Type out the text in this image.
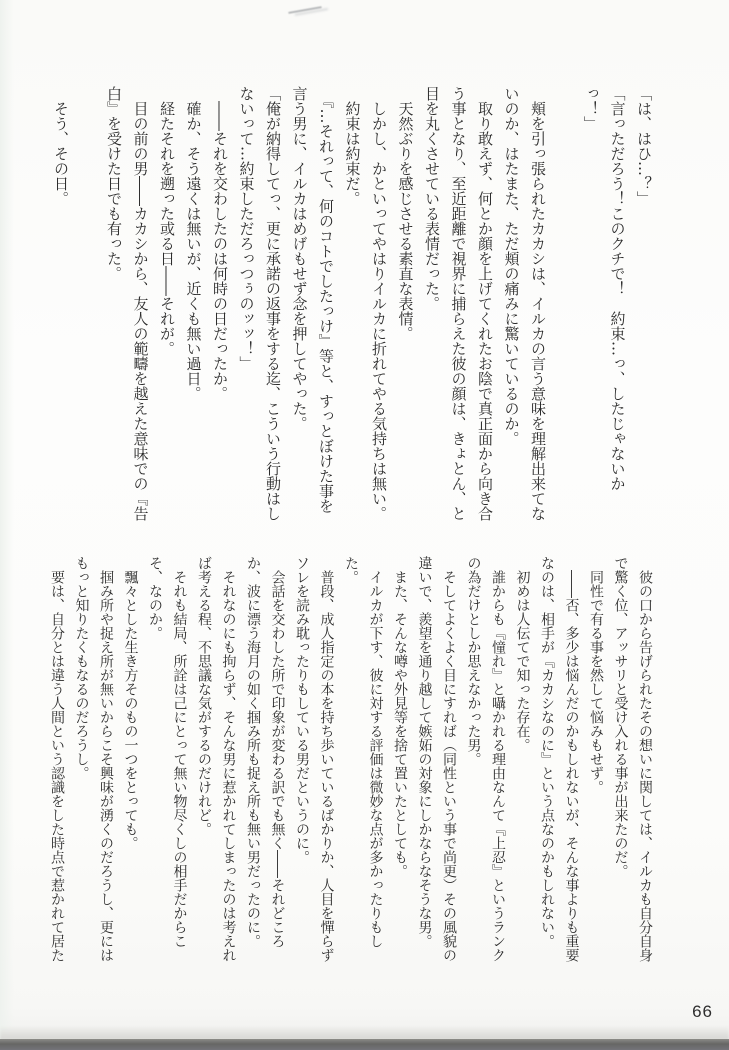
「は、はひ…？」

「言っただろう！このクチで！　約束…っ、したじゃないかっ！」

　頬を引っ張られたカカシは、イルカの言う意味を理解出来てないのか、はたまた、ただ頬の痛みに驚いているのか。

　取り敢えず、何とか顔を上げてくれたお陰で真正面から向き合う事となり、至近距離で視界に捕らえた彼の顔は、きょとん、と目を丸くさせている表情だった。

　天然ぶりを感じさせる素直な表情。

　しかし、かといってやはりイルカに折れてやる気持ちは無い。

　約束は約束だ。

　『…それって、何のコトでしたっけ』等と、すっとぼけた事を言う男に、イルカはめげもせず念を押してやった。

「俺が納得してっ、更に承諾の返事をする迄、こういう行動はしないって…約束しただろっつぅのッッ！」

　――それを交わしたのは何時の日だったか。

　確か、そう遠くは無いが、近くも無い過日。

　経たそれを遡った或る日――それが。

　目の前の男――カカシから、友人の範疇を越えた意味での『告白』を受けた日でも有った。

　そう、その日。

　彼の口から告げられたその想いに関しては、イルカも自分自身で驚く位、アッサリと受け入れる事が出来たのだ。

　同性で有る事を然して悩みもせず。

　――否、多少は悩んだのかもしれないが、そんな事よりも重要なのは、相手が『カカシなのに』という点なのかもしれない。

　初めは人伝てで知った存在。

　誰からも『憧れ』と囁かれる理由なんて『上忍』というランクの為だけとしか思えなかった男。

　そしてよくよく目にすれば（同性という事で尚更）その風貌の違いで、羨望を通り越して嫉妬の対象にしかならなそうな男。

　また、そんな噂や外見等を捨て置いたとしても。

　イルカが下す、彼に対する評価は微妙な点が多かったりもした。

　普段、成人指定の本を持ち歩いているばかりか、人目を憚らずソレを読み耽ったりもしている男だというのに。

　会話を交わした所で印象が変わる訳でも無く――それどころか、波に漂う海月の如く掴み所も捉え所も無い男だったのに。

　それなのにも拘らず、そんな男に惹かれてしまったのは考えれば考える程、不思議な気がするのだけれど。

　それも結局、所詮は己にとって無い物尽くしの相手だからこそ、なのか。

　飄々とした生き方そのもの一つをとっても。

　掴み所や捉え所が無いからこそ興味が湧くのだろうし、更にはもっと知りたくもなるのだろうし。

　要は、自分とは違う人間という認識をした時点で惹かれて居た

66
